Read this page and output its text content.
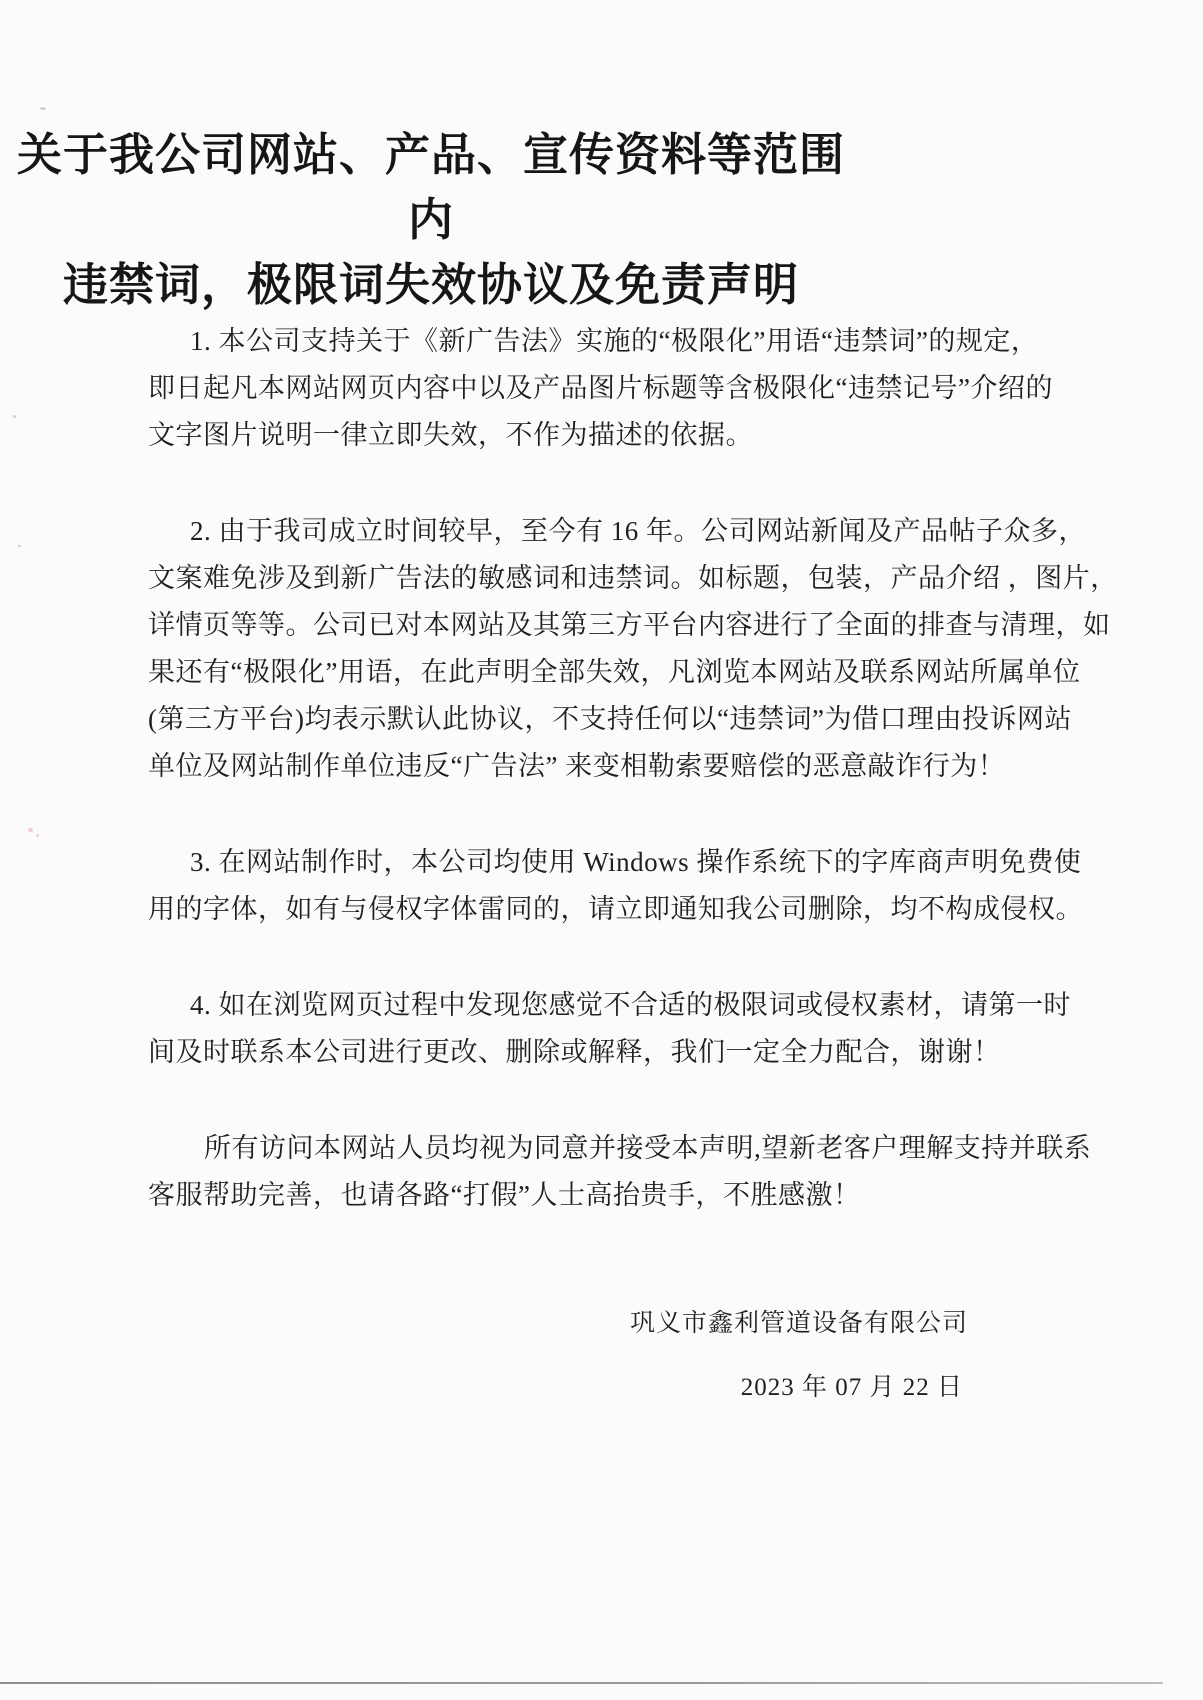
关于我公司网站、产品、宣传资料等范围内
违禁词，极限词失效协议及免责声明
1. 本公司支持关于《新广告法》实施的“极限化”用语“违禁词”的规定，
即日起凡本网站网页内容中以及产品图片标题等含极限化“违禁记号”介绍的
文字图片说明一律立即失效，不作为描述的依据。
2. 由于我司成立时间较早，至今有 16 年。公司网站新闻及产品帖子众多，
文案难免涉及到新广告法的敏感词和违禁词。如标题，包装，产品介绍 ，图片，
详情页等等。公司已对本网站及其第三方平台内容进行了全面的排查与清理，如
果还有“极限化”用语，在此声明全部失效，凡浏览本网站及联系网站所属单位
(第三方平台)均表示默认此协议，不支持任何以“违禁词”为借口理由投诉网站
单位及网站制作单位违反“广告法” 来变相勒索要赔偿的恶意敲诈行为！
3. 在网站制作时，本公司均使用 Windows 操作系统下的字库商声明免费使
用的字体，如有与侵权字体雷同的，请立即通知我公司删除，均不构成侵权。
4. 如在浏览网页过程中发现您感觉不合适的极限词或侵权素材，请第一时
间及时联系本公司进行更改、删除或解释，我们一定全力配合，谢谢！
所有访问本网站人员均视为同意并接受本声明,望新老客户理解支持并联系
客服帮助完善，也请各路“打假”人士高抬贵手，不胜感激！
巩义市鑫利管道设备有限公司
2023 年 07 月 22 日
